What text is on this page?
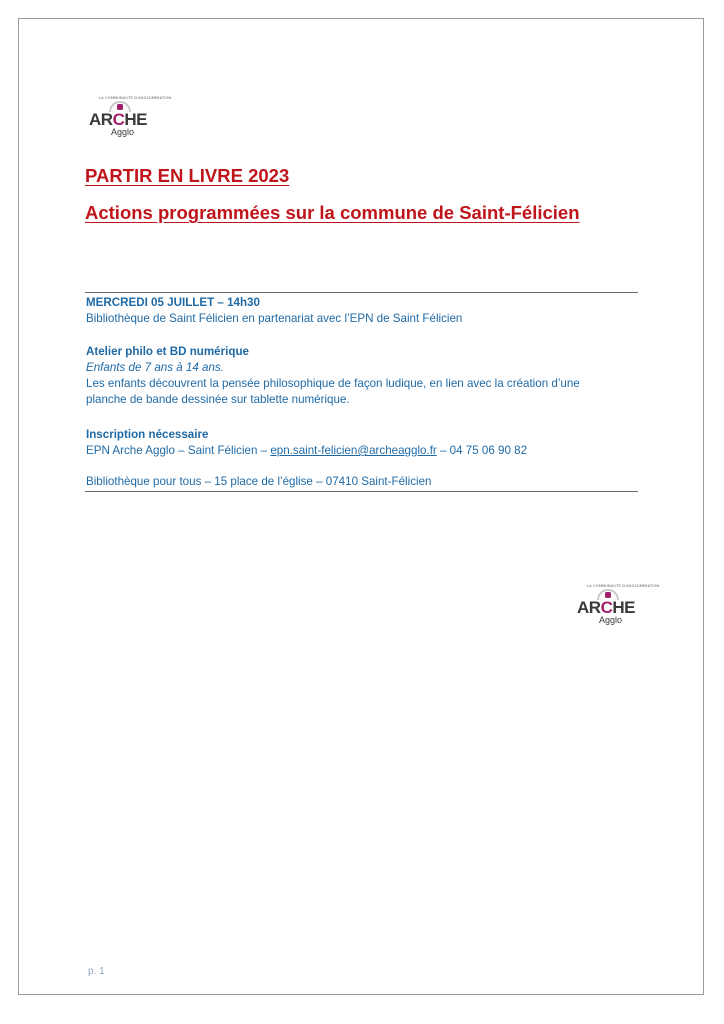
LA COMMUNAUTÉ D'AGGLOMÉRATION
ARCHE
Agglo
PARTIR EN LIVRE 2023
Actions programmées sur la commune de Saint-Félicien
MERCREDI 05 JUILLET – 14h30
Bibliothèque de Saint Félicien en partenariat avec l’EPN de Saint Félicien
Atelier philo et BD numérique
Enfants de 7 ans à 14 ans.
Les enfants découvrent la pensée philosophique de façon ludique, en lien avec la création d’une
planche de bande dessinée sur tablette numérique.
Inscription nécessaire
EPN Arche Agglo – Saint Félicien – epn.saint-felicien@archeagglo.fr – 04 75 06 90 82
Bibliothèque pour tous – 15 place de l’église – 07410 Saint-Félicien
LA COMMUNAUTÉ D'AGGLOMÉRATION
ARCHE
Agglo
p. 1
